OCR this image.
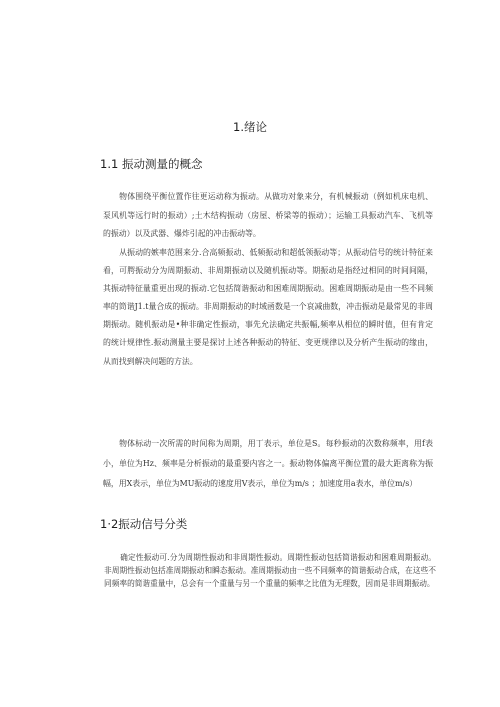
1.绪论
1.1 振动测量的概念
物体围绕平衡位置作往更运动称为振动。从做功对象来分，有机械振动（例如机床电机、泵风机等远行时的振动）;土木结构振动（房屋、桥梁等的振动）；运输工具振动汽车、飞机等的振动）以及武器、爆炸引起的冲击振动等。
从振动的嫉率范围来分.合高频振动、低频振动和超低领振动等；从振动信号的统计特征来看，可腭振动分为周期振动、非周期振动以及随机振动等。期振动是指经过相同的时间间隔，其振动特征量重更出现的振动.它包括简谐振动和困难周期振动。困难周期振动是由一些不同频率的筒谐J1.t量合成的振动。非周期振动的时域函数是一个哀减曲数，冲击振动是最常见的非周期振动。随机振动是•种非确定性振动，事先允法确定共振幅,频率从相位的瞬时值，但有肯定的统计规律性.振动测量主要是探讨上述各种振动的特征、变更规律以及分析产生振动的缘由，从而找到解决问题的方法。
物体标动一次所需的时间称为周期，用丁表示，单位是S。每秒振动的次数称频率，用f表小，单位为Hz、频率是分析振动的最重要内容之一。振动物体偏离平衡位置的最大距离称为振幅，用X表示，单位为MU振动的速度用V表示，单位为m/s ；加速度用a表水，单位m/s）
1·2振动信号分类
确定性振动可.分为周期性振动和非周期性振动。周期性振动包括简谐振动和困难周期振动。非周期性振动包括准周期振动和瞬态振动。准周期振动由一些不同频率的简谐振动合成，在这些不同频率的简谐重量中，总会有一个重量与另一个重量的频率之比值为无理数，因而是非周期振动。
